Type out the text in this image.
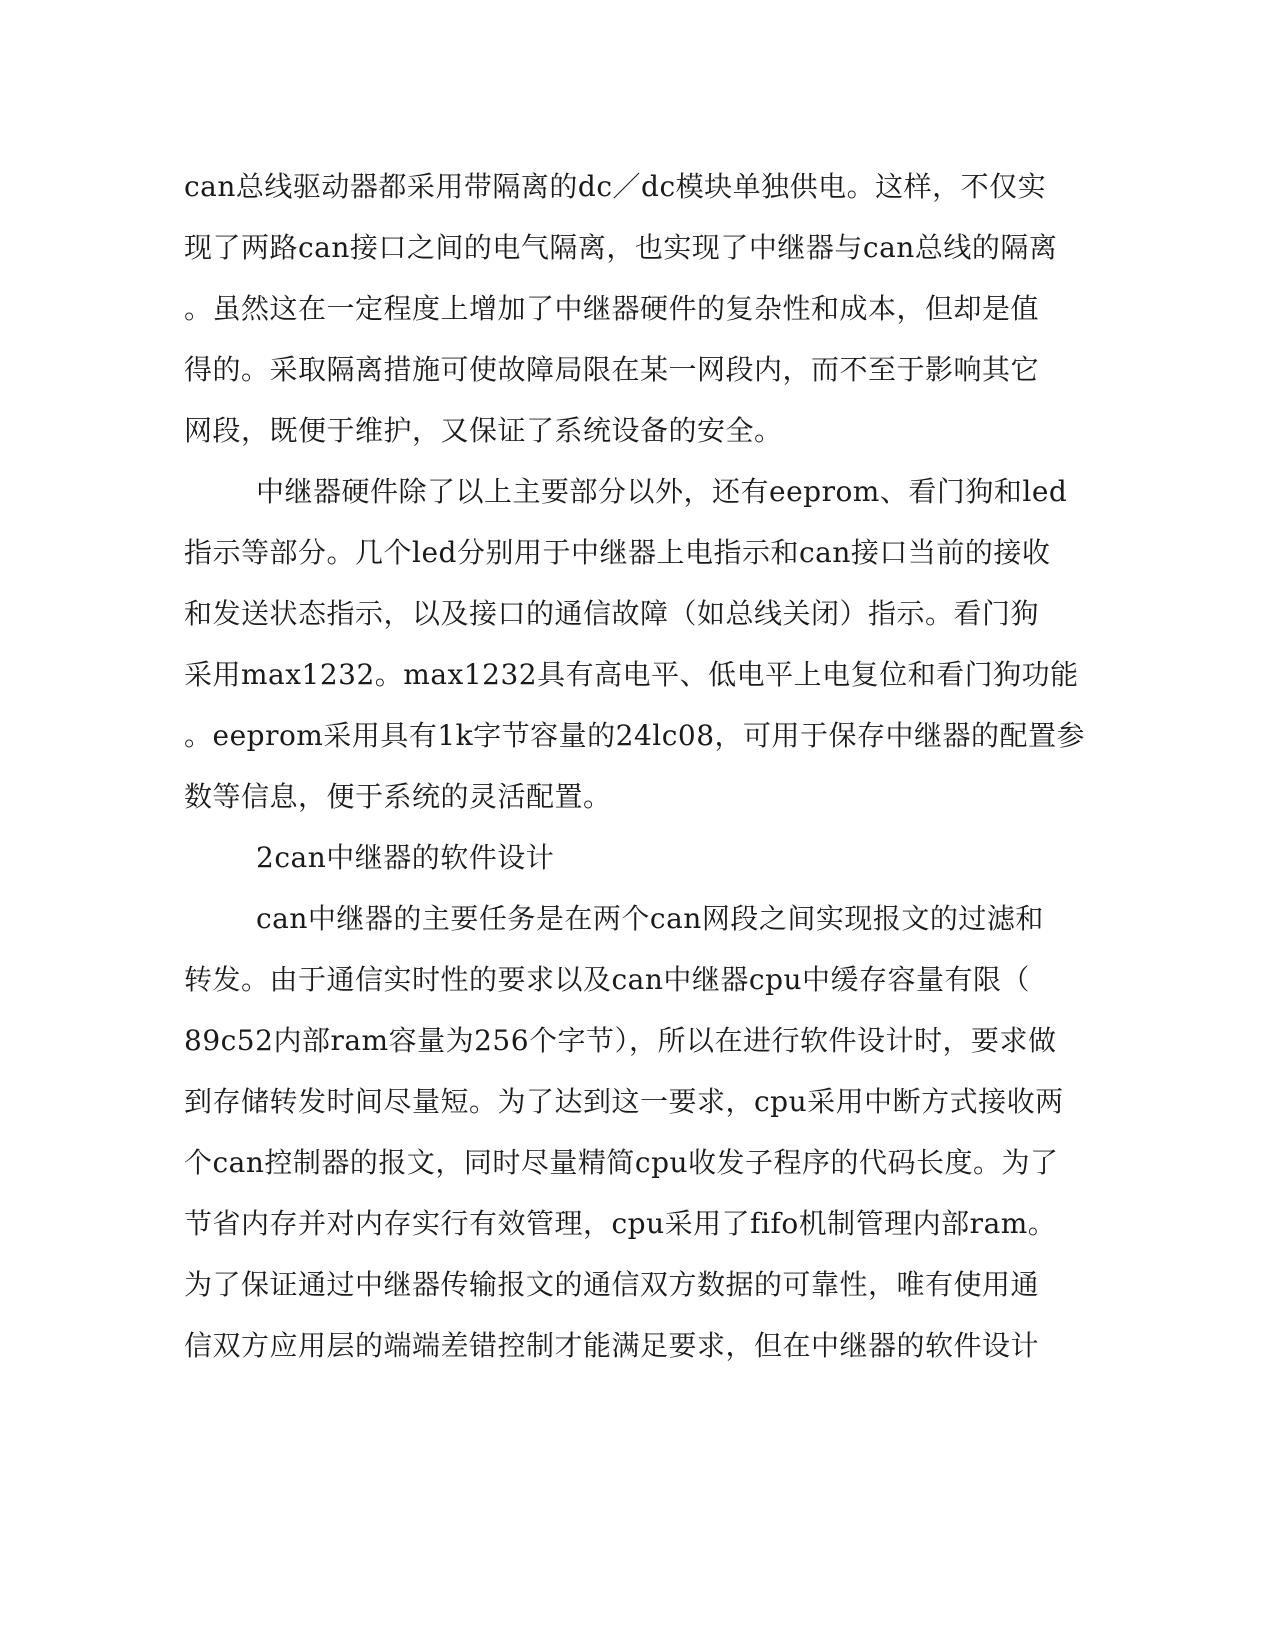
can总线驱动器都采用带隔离的dc／dc模块单独供电。这样，不仅实
现了两路can接口之间的电气隔离，也实现了中继器与can总线的隔离
。虽然这在一定程度上增加了中继器硬件的复杂性和成本，但却是值
得的。采取隔离措施可使故障局限在某一网段内，而不至于影响其它
网段，既便于维护，又保证了系统设备的安全。
中继器硬件除了以上主要部分以外，还有eeprom、看门狗和led
指示等部分。几个led分别用于中继器上电指示和can接口当前的接收
和发送状态指示，以及接口的通信故障（如总线关闭）指示。看门狗
采用max1232。max1232具有高电平、低电平上电复位和看门狗功能
。eeprom采用具有1k字节容量的24lc08，可用于保存中继器的配置参
数等信息，便于系统的灵活配置。
2can中继器的软件设计
can中继器的主要任务是在两个can网段之间实现报文的过滤和
转发。由于通信实时性的要求以及can中继器cpu中缓存容量有限（
89c52内部ram容量为256个字节），所以在进行软件设计时，要求做
到存储转发时间尽量短。为了达到这一要求，cpu采用中断方式接收两
个can控制器的报文，同时尽量精简cpu收发子程序的代码长度。为了
节省内存并对内存实行有效管理，cpu采用了fifo机制管理内部ram。
为了保证通过中继器传输报文的通信双方数据的可靠性，唯有使用通
信双方应用层的端端差错控制才能满足要求，但在中继器的软件设计
